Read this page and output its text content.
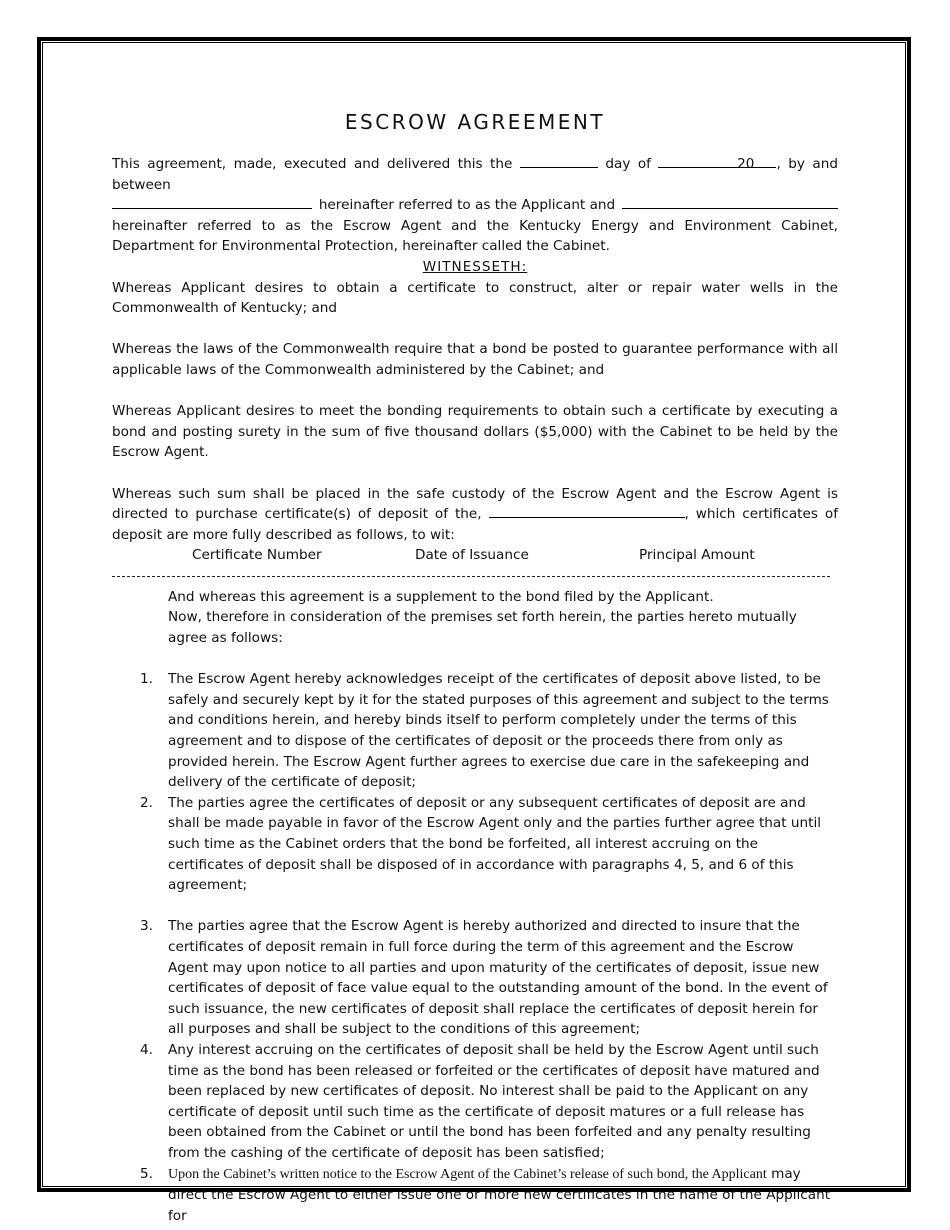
ESCROW AGREEMENT
This agreement, made, executed and delivered this the	day of	20 , by and between

hereinafter referred to as the Applicant and
hereinafter referred to as the Escrow Agent and the Kentucky Energy and Environment Cabinet, Department for Environmental Protection, hereinafter called the Cabinet.
WITNESSETH:
Whereas Applicant desires to obtain a certificate to construct, alter or repair water wells in the Commonwealth of Kentucky; and
Whereas the laws of the Commonwealth require that a bond be posted to guarantee performance with all applicable laws of the Commonwealth administered by the Cabinet; and
Whereas Applicant desires to meet the bonding requirements to obtain such a certificate by executing a bond and posting surety in the sum of five thousand dollars ($5,000) with the Cabinet to be held by the Escrow Agent.
Whereas such sum shall be placed in the safe custody of the Escrow Agent and the Escrow Agent is directed to purchase certificate(s) of deposit of the,	, which certificates of deposit are more fully described as follows, to wit:
Certificate Number	Date of Issuance	Principal Amount
And whereas this agreement is a supplement to the bond filed by the Applicant.
Now, therefore in consideration of the premises set forth herein, the parties hereto mutually agree as follows:
1. The Escrow Agent hereby acknowledges receipt of the certificates of deposit above listed, to be safely and securely kept by it for the stated purposes of this agreement and subject to the terms and conditions herein, and hereby binds itself to perform completely under the terms of this agreement and to dispose of the certificates of deposit or the proceeds there from only as provided herein. The Escrow Agent further agrees to exercise due care in the safekeeping and delivery of the certificate of deposit;
2. The parties agree the certificates of deposit or any subsequent certificates of deposit are and shall be made payable in favor of the Escrow Agent only and the parties further agree that until such time as the Cabinet orders that the bond be forfeited, all interest accruing on the certificates of deposit shall be disposed of in accordance with paragraphs 4, 5, and 6 of this agreement;
3. The parties agree that the Escrow Agent is hereby authorized and directed to insure that the certificates of deposit remain in full force during the term of this agreement and the Escrow Agent may upon notice to all parties and upon maturity of the certificates of deposit, issue new certificates of deposit of face value equal to the outstanding amount of the bond. In the event of such issuance, the new certificates of deposit shall replace the certificates of deposit herein for all purposes and shall be subject to the conditions of this agreement;
4. Any interest accruing on the certificates of deposit shall be held by the Escrow Agent until such time as the bond has been released or forfeited or the certificates of deposit have matured and been replaced by new certificates of deposit. No interest shall be paid to the Applicant on any certificate of deposit until such time as the certificate of deposit matures or a full release has been obtained from the Cabinet or until the bond has been forfeited and any penalty resulting from the cashing of the certificate of deposit has been satisfied;
5. Upon the Cabinet’s written notice to the Escrow Agent of the Cabinet’s release of such bond, the Applicant may direct the Escrow Agent to either issue one or more new certificates in the name of the Applicant for
